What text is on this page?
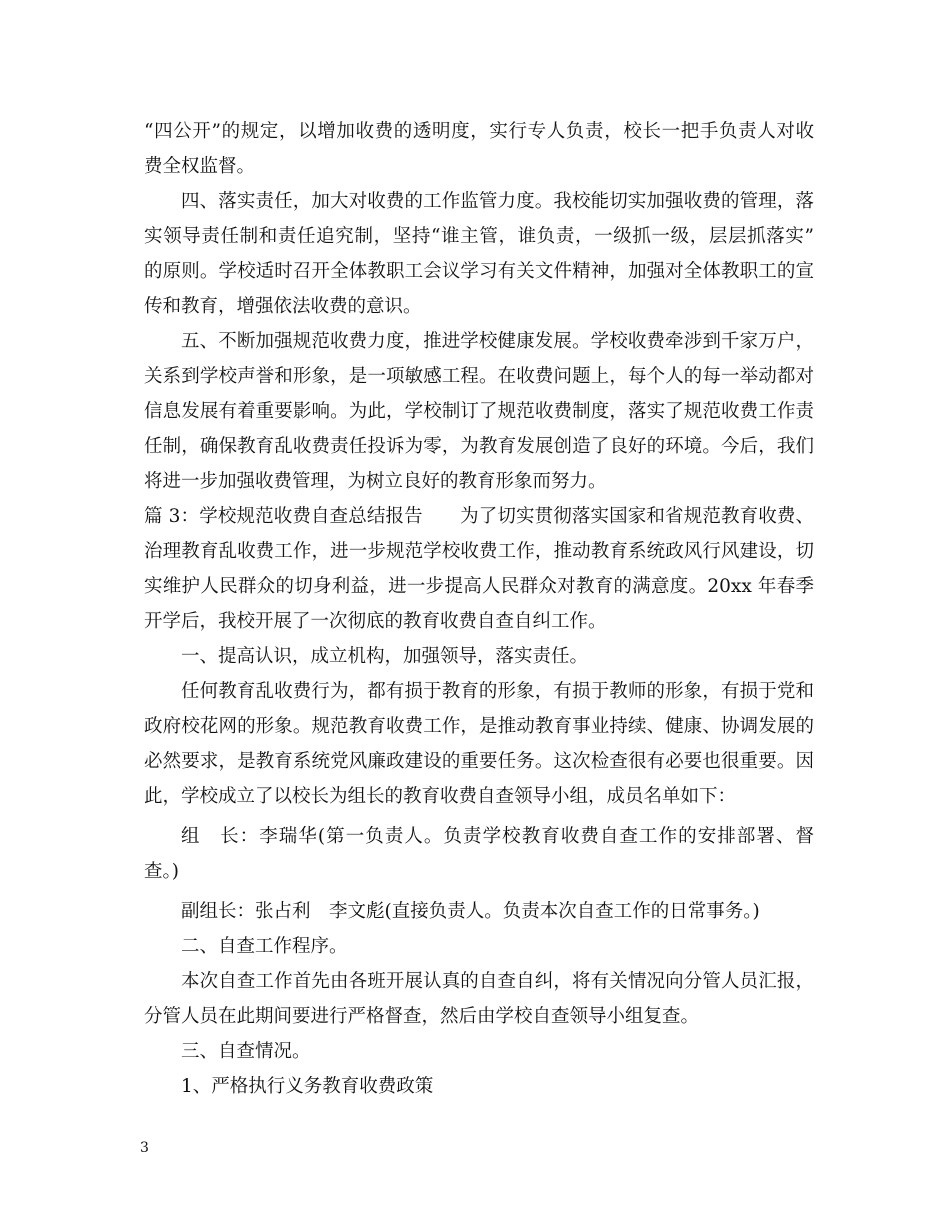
“四公开”的规定，以增加收费的透明度，实行专人负责，校长一把手负责人对收
费全权监督。
四、落实责任，加大对收费的工作监管力度。我校能切实加强收费的管理，落
实领导责任制和责任追究制，坚持“谁主管，谁负责，一级抓一级，层层抓落实”
的原则。学校适时召开全体教职工会议学习有关文件精神，加强对全体教职工的宣
传和教育，增强依法收费的意识。
五、不断加强规范收费力度，推进学校健康发展。学校收费牵涉到千家万户，
关系到学校声誉和形象，是一项敏感工程。在收费问题上，每个人的每一举动都对
信息发展有着重要影响。为此，学校制订了规范收费制度，落实了规范收费工作责
任制，确保教育乱收费责任投诉为零，为教育发展创造了良好的环境。今后，我们
将进一步加强收费管理，为树立良好的教育形象而努力。
篇 3：学校规范收费自查总结报告　　为了切实贯彻落实国家和省规范教育收费、
治理教育乱收费工作，进一步规范学校收费工作，推动教育系统政风行风建设，切
实维护人民群众的切身利益，进一步提高人民群众对教育的满意度。20xx 年春季
开学后，我校开展了一次彻底的教育收费自查自纠工作。
一、提高认识，成立机构，加强领导，落实责任。
任何教育乱收费行为，都有损于教育的形象，有损于教师的形象，有损于党和
政府校花网的形象。规范教育收费工作，是推动教育事业持续、健康、协调发展的
必然要求，是教育系统党风廉政建设的重要任务。这次检查很有必要也很重要。因
此，学校成立了以校长为组长的教育收费自查领导小组，成员名单如下：
组　长：李瑞华(第一负责人。负责学校教育收费自查工作的安排部署、督
查。)
副组长：张占利　李文彪(直接负责人。负责本次自查工作的日常事务。)
二、自查工作程序。
本次自查工作首先由各班开展认真的自查自纠，将有关情况向分管人员汇报，
分管人员在此期间要进行严格督查，然后由学校自查领导小组复查。
三、自查情况。
1、严格执行义务教育收费政策
3
